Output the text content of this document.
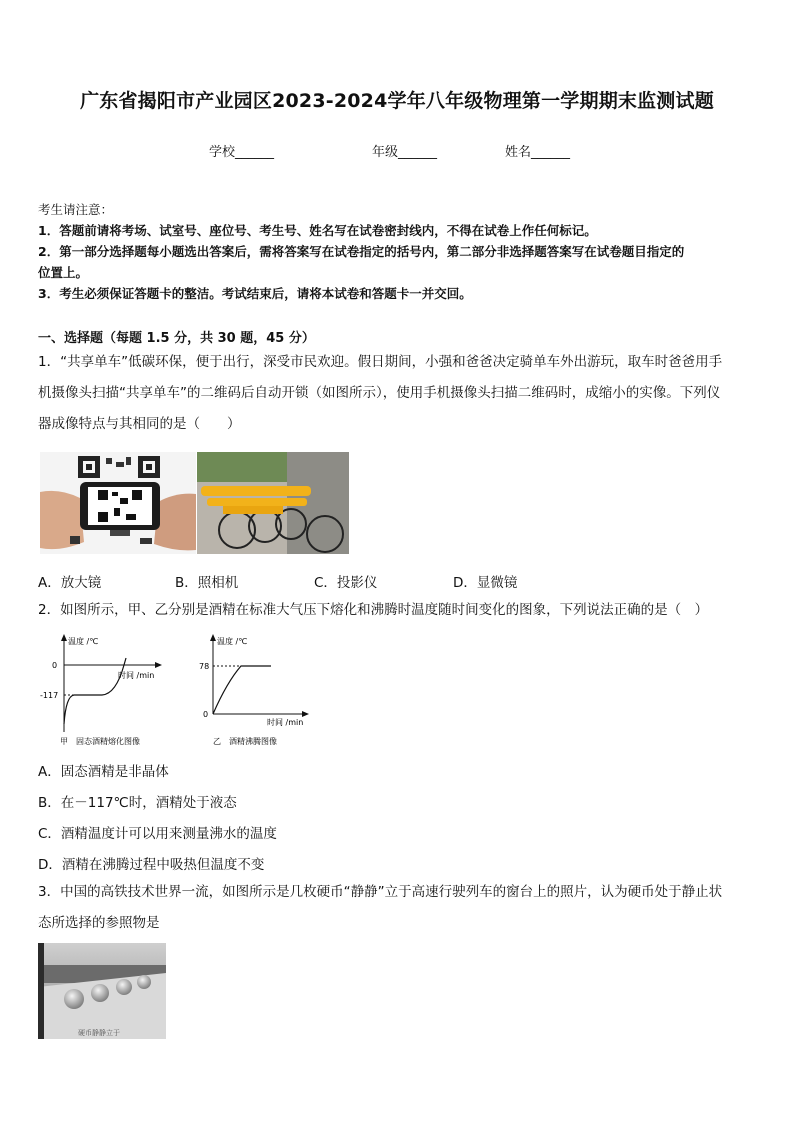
广东省揭阳市产业园区2023-2024学年八年级物理第一学期期末监测试题
学校______	年级______	姓名______
考生请注意：
1．答题前请将考场、试室号、座位号、考生号、姓名写在试卷密封线内，不得在试卷上作任何标记。
2．第一部分选择题每小题选出答案后，需将答案写在试卷指定的括号内，第二部分非选择题答案写在试卷题目指定的
位置上。
3．考生必须保证答题卡的整洁。考试结束后，请将本试卷和答题卡一并交回。
一、选择题（每题 1.5 分，共 30 题，45 分）
1．“共享单车”低碳环保，便于出行，深受市民欢迎。假日期间，小强和爸爸决定骑单车外出游玩，取车时爸爸用手
机摄像头扫描“共享单车”的二维码后自动开锁（如图所示），使用手机摄像头扫描二维码时，成缩小的实像。下列仪
器成像特点与其相同的是（　　）
A．放大镜	B．照相机	C．投影仪	D．显微镜
2．如图所示，甲、乙分别是酒精在标准大气压下熔化和沸腾时温度随时间变化的图象，下列说法正确的是（　）
温度 /℃
时间 /min
0
-117
甲　固态酒精熔化图像
温度 /℃
时间 /min
0
78
乙　酒精沸腾图像
A．固态酒精是非晶体
B．在－117℃时，酒精处于液态
C．酒精温度计可以用来测量沸水的温度
D．酒精在沸腾过程中吸热但温度不变
3．中国的高铁技术世界一流，如图所示是几枚硬币“静静”立于高速行驶列车的窗台上的照片，认为硬币处于静止状
态所选择的参照物是
硬币静静立于
